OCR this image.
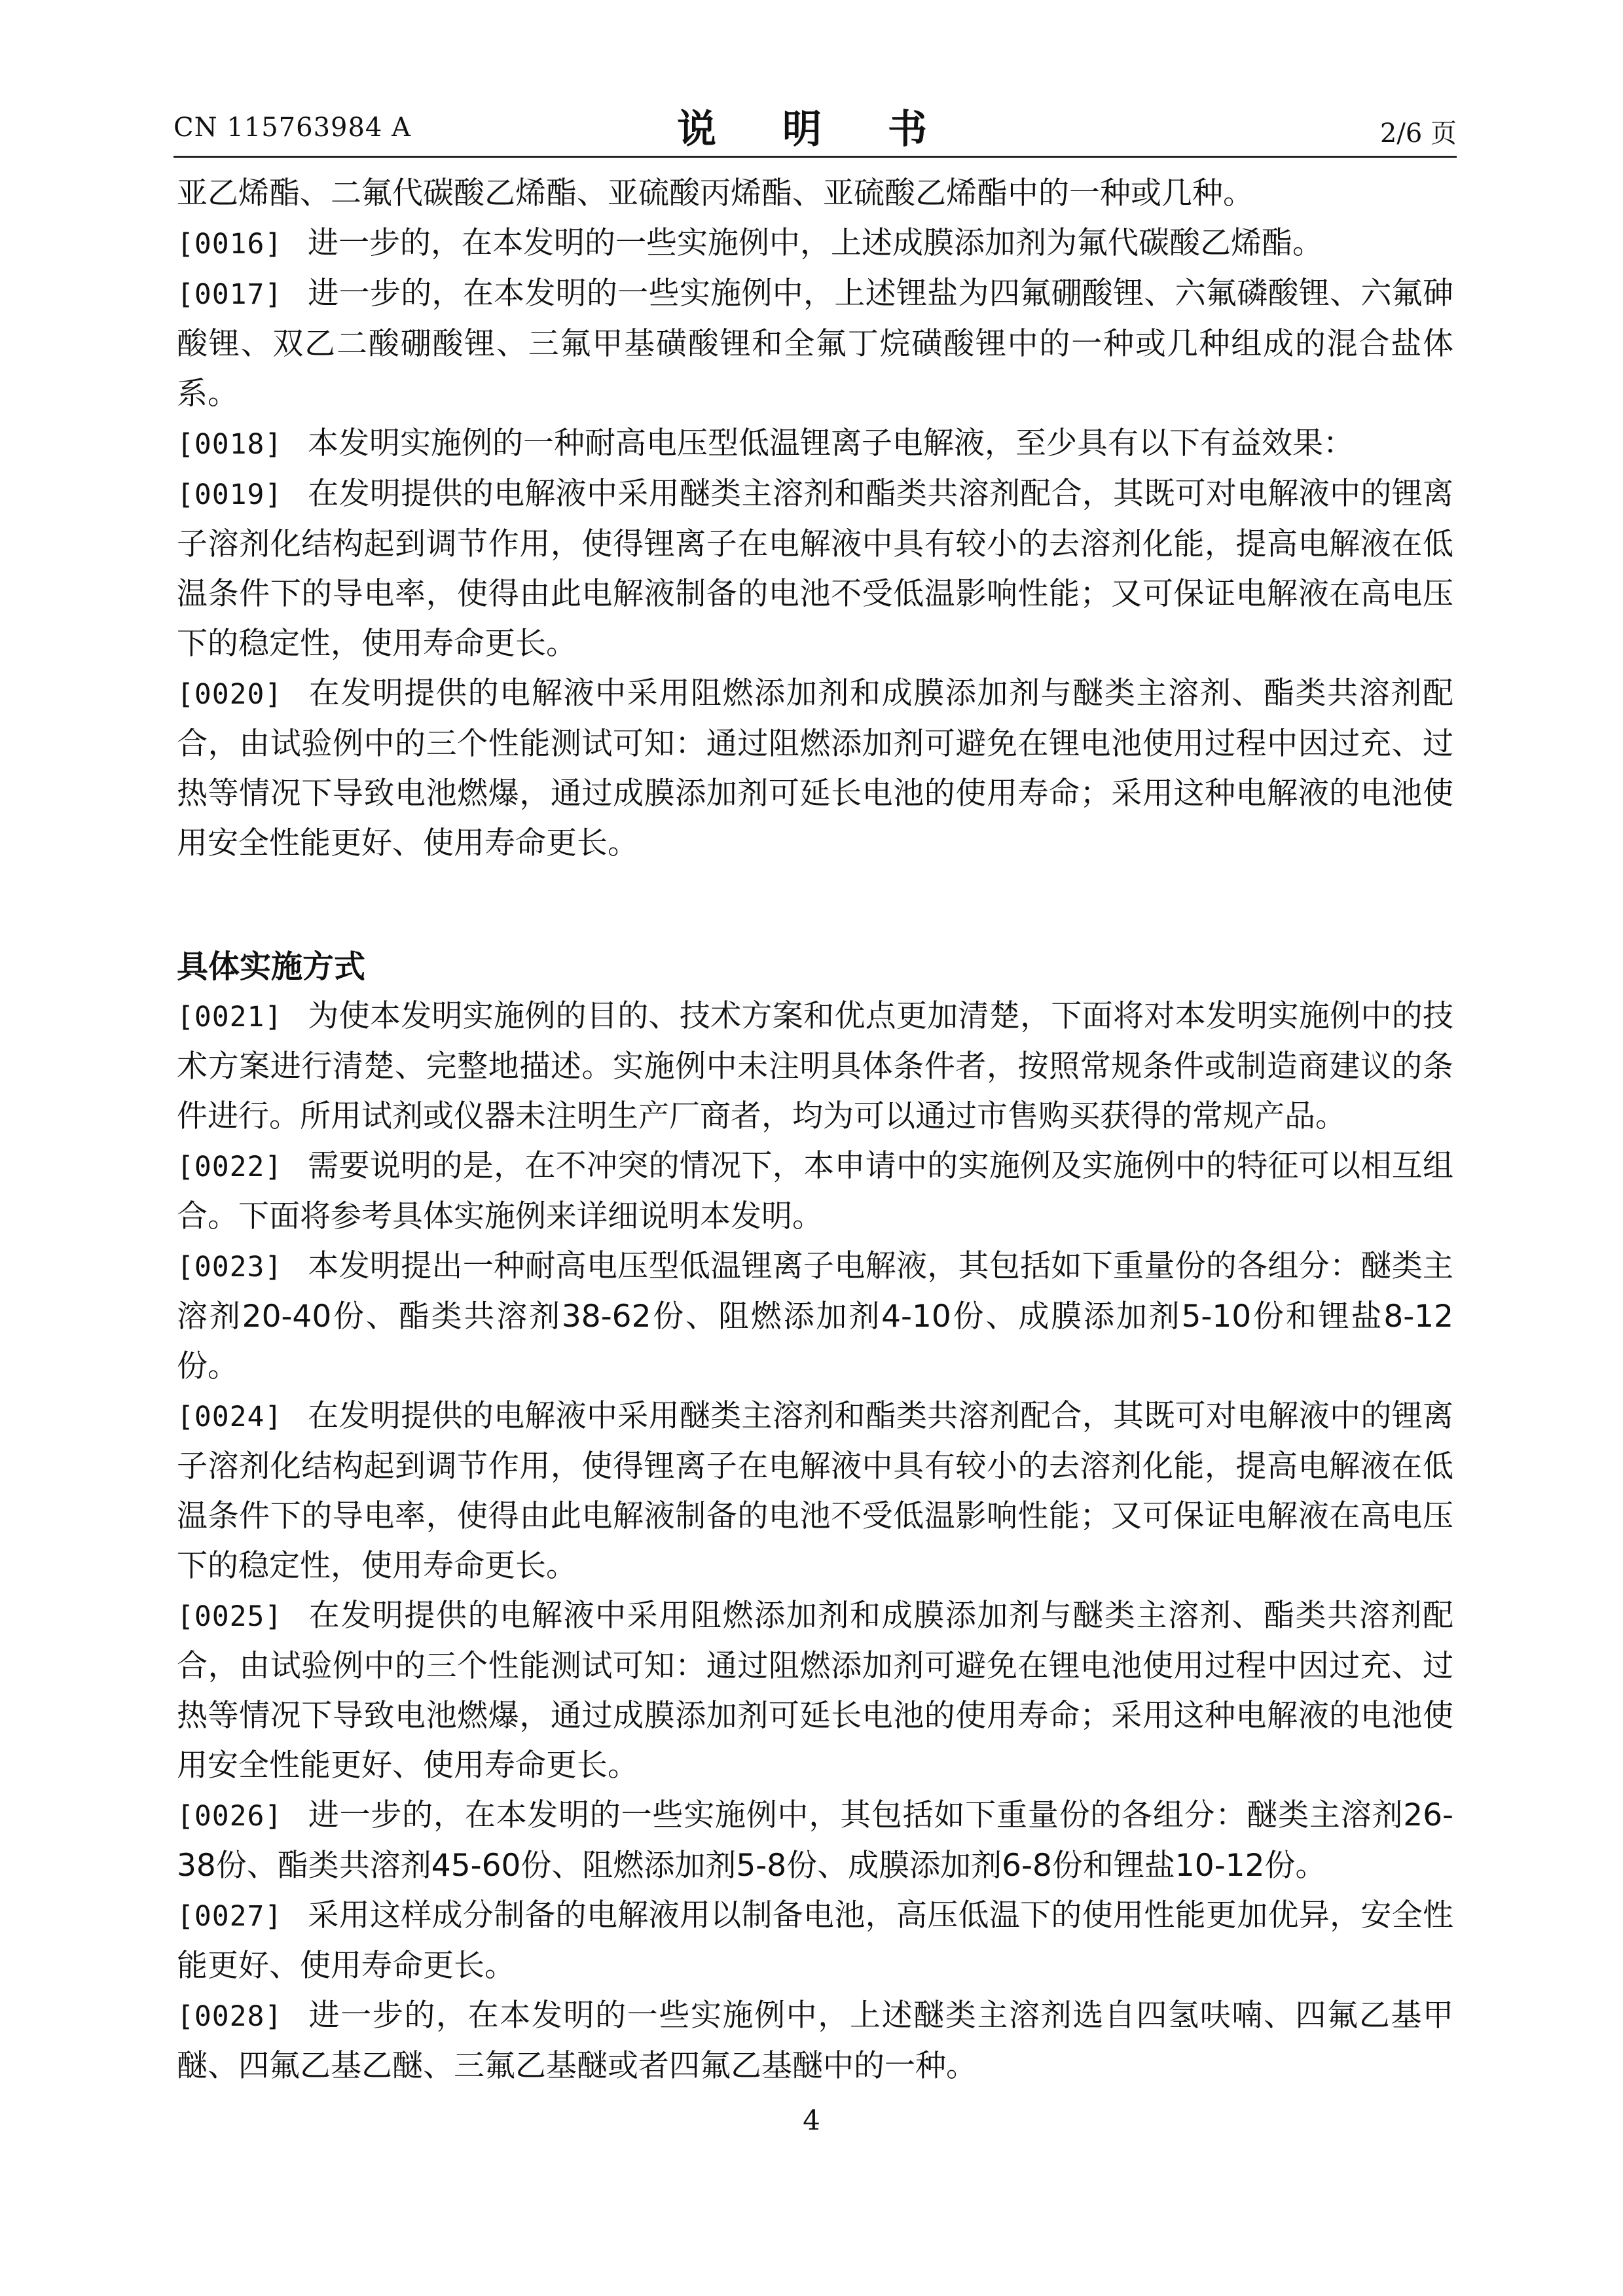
CN 115763984 A	说 明 书	2/6 页

亚乙烯酯、二氟代碳酸乙烯酯、亚硫酸丙烯酯、亚硫酸乙烯酯中的一种或几种。

[0016] 进一步的，在本发明的一些实施例中，上述成膜添加剂为氟代碳酸乙烯酯。

[0017] 进一步的，在本发明的一些实施例中，上述锂盐为四氟硼酸锂、六氟磷酸锂、六氟砷酸锂、双乙二酸硼酸锂、三氟甲基磺酸锂和全氟丁烷磺酸锂中的一种或几种组成的混合盐体系。

[0018] 本发明实施例的一种耐高电压型低温锂离子电解液，至少具有以下有益效果：

[0019] 在发明提供的电解液中采用醚类主溶剂和酯类共溶剂配合，其既可对电解液中的锂离子溶剂化结构起到调节作用，使得锂离子在电解液中具有较小的去溶剂化能，提高电解液在低温条件下的导电率，使得由此电解液制备的电池不受低温影响性能；又可保证电解液在高电压下的稳定性，使用寿命更长。

[0020] 在发明提供的电解液中采用阻燃添加剂和成膜添加剂与醚类主溶剂、酯类共溶剂配合，由试验例中的三个性能测试可知：通过阻燃添加剂可避免在锂电池使用过程中因过充、过热等情况下导致电池燃爆，通过成膜添加剂可延长电池的使用寿命；采用这种电解液的电池使用安全性能更好、使用寿命更长。

具体实施方式

[0021] 为使本发明实施例的目的、技术方案和优点更加清楚，下面将对本发明实施例中的技术方案进行清楚、完整地描述。实施例中未注明具体条件者，按照常规条件或制造商建议的条件进行。所用试剂或仪器未注明生产厂商者，均为可以通过市售购买获得的常规产品。

[0022] 需要说明的是，在不冲突的情况下，本申请中的实施例及实施例中的特征可以相互组合。下面将参考具体实施例来详细说明本发明。

[0023] 本发明提出一种耐高电压型低温锂离子电解液，其包括如下重量份的各组分：醚类主溶剂20-40份、酯类共溶剂38-62份、阻燃添加剂4-10份、成膜添加剂5-10份和锂盐8-12份。

[0024] 在发明提供的电解液中采用醚类主溶剂和酯类共溶剂配合，其既可对电解液中的锂离子溶剂化结构起到调节作用，使得锂离子在电解液中具有较小的去溶剂化能，提高电解液在低温条件下的导电率，使得由此电解液制备的电池不受低温影响性能；又可保证电解液在高电压下的稳定性，使用寿命更长。

[0025] 在发明提供的电解液中采用阻燃添加剂和成膜添加剂与醚类主溶剂、酯类共溶剂配合，由试验例中的三个性能测试可知：通过阻燃添加剂可避免在锂电池使用过程中因过充、过热等情况下导致电池燃爆，通过成膜添加剂可延长电池的使用寿命；采用这种电解液的电池使用安全性能更好、使用寿命更长。

[0026] 进一步的，在本发明的一些实施例中，其包括如下重量份的各组分：醚类主溶剂26-38份、酯类共溶剂45-60份、阻燃添加剂5-8份、成膜添加剂6-8份和锂盐10-12份。

[0027] 采用这样成分制备的电解液用以制备电池，高压低温下的使用性能更加优异，安全性能更好、使用寿命更长。

[0028] 进一步的，在本发明的一些实施例中，上述醚类主溶剂选自四氢呋喃、四氟乙基甲醚、四氟乙基乙醚、三氟乙基醚或者四氟乙基醚中的一种。

4
